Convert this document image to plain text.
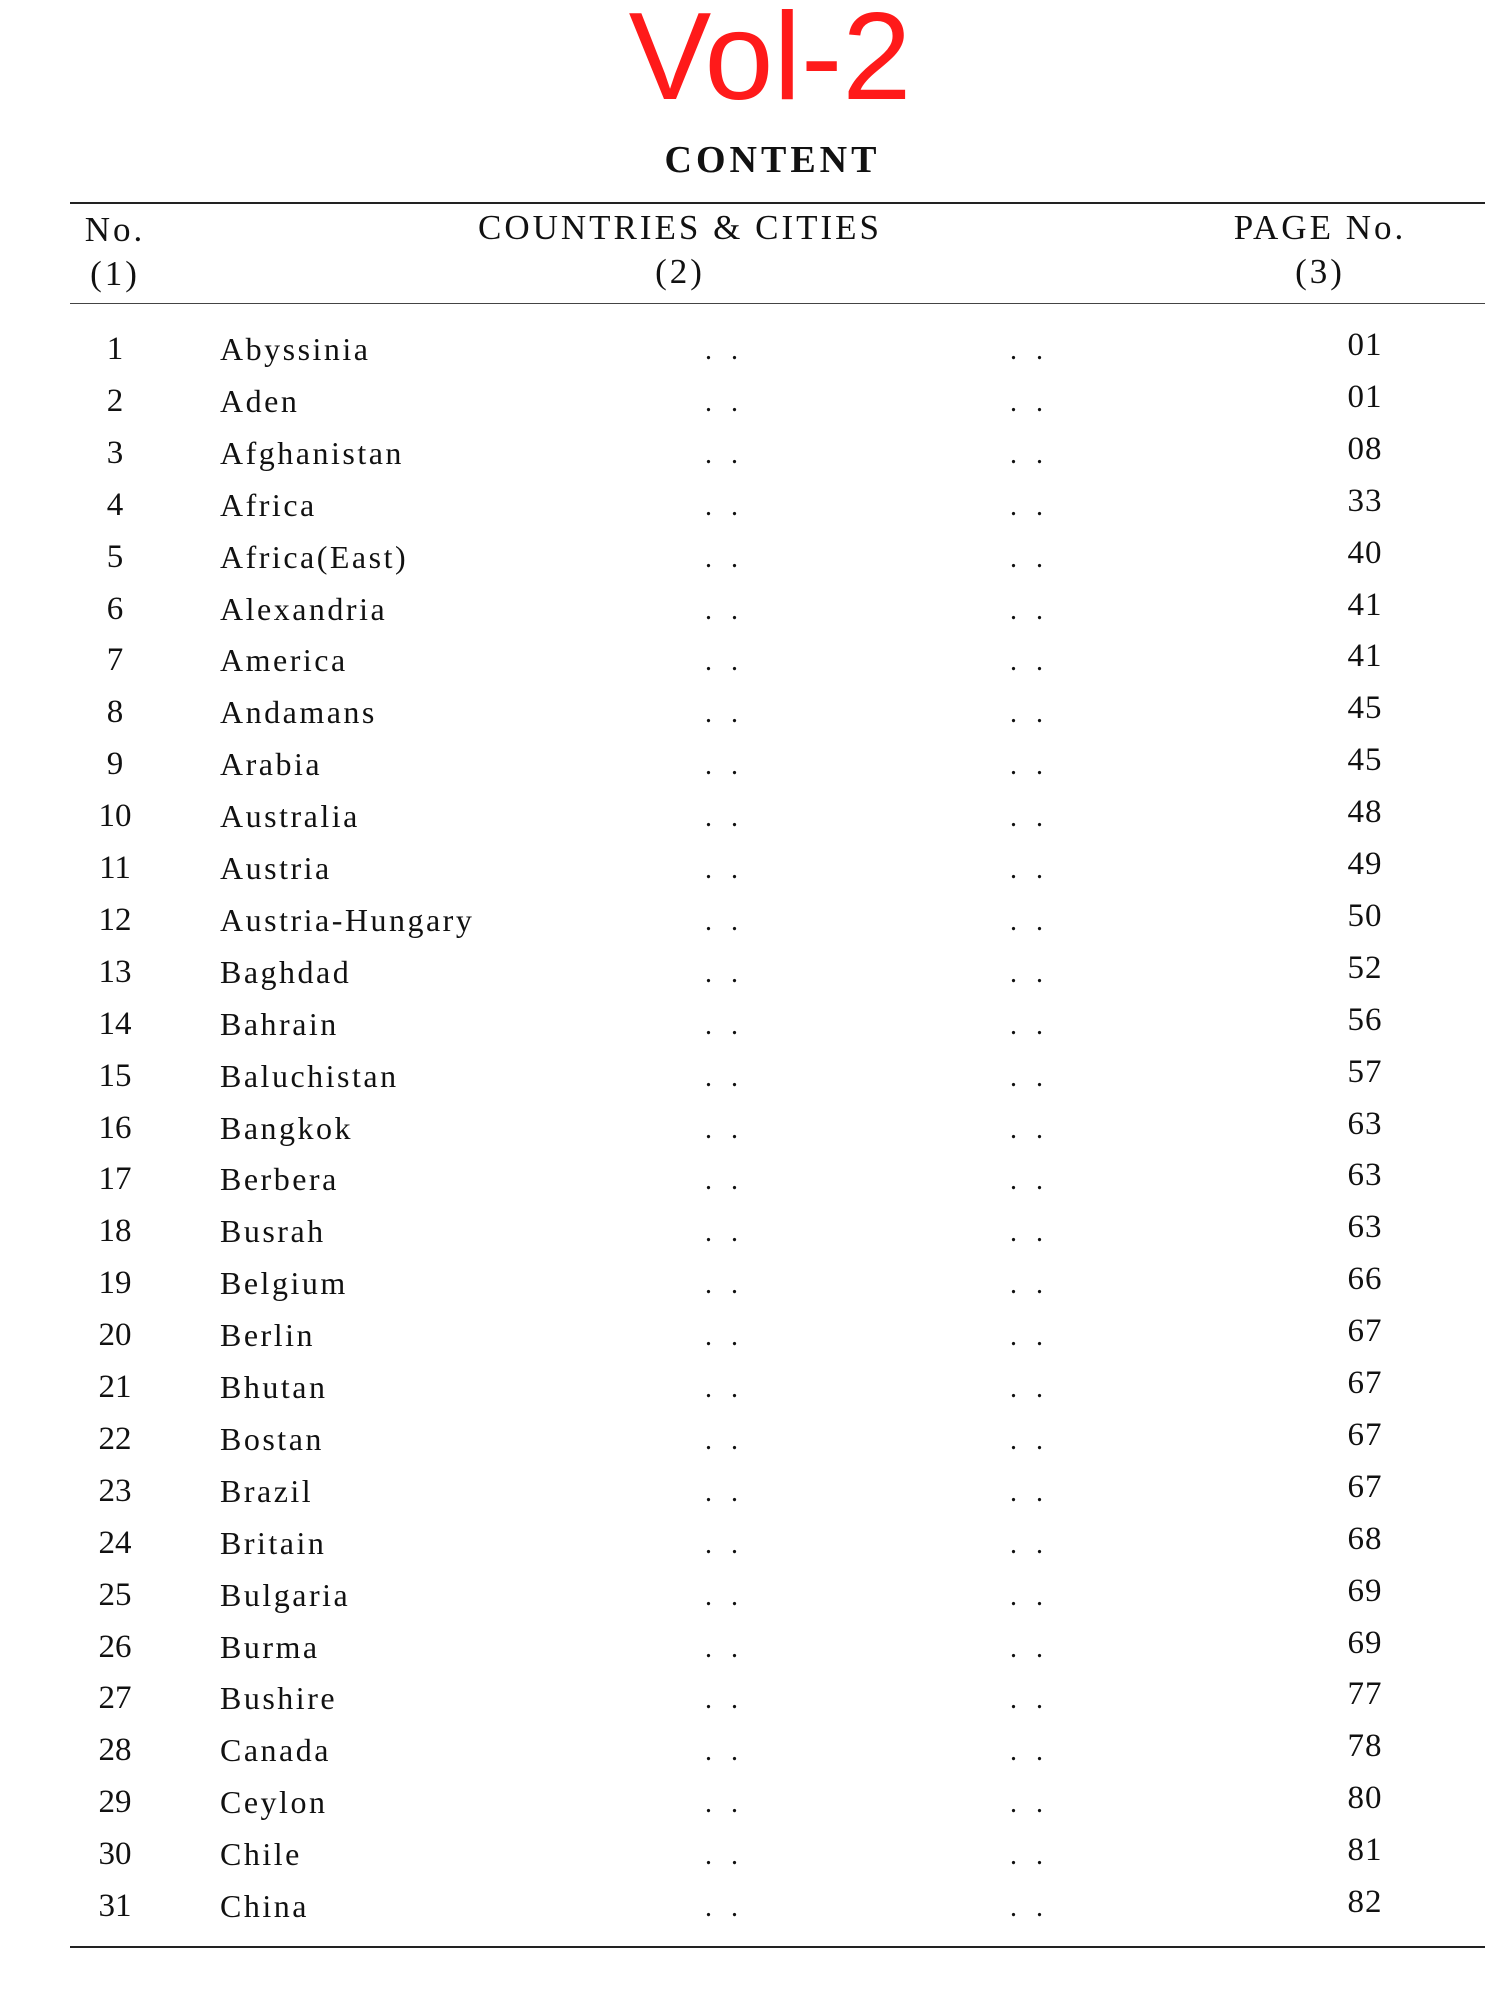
Vol-2
CONTENT
No.
(1)
COUNTRIES & CITIES
(2)
PAGE No.
(3)
1	Abyssinia	. .	. .	01
2	Aden	. .	. .	01
3	Afghanistan	. .	. .	08
4	Africa	. .	. .	33
5	Africa(East)	. .	. .	40
6	Alexandria	. .	. .	41
7	America	. .	. .	41
8	Andamans	. .	. .	45
9	Arabia	. .	. .	45
10	Australia	. .	. .	48
11	Austria	. .	. .	49
12	Austria-Hungary	. .	. .	50
13	Baghdad	. .	. .	52
14	Bahrain	. .	. .	56
15	Baluchistan	. .	. .	57
16	Bangkok	. .	. .	63
17	Berbera	. .	. .	63
18	Busrah	. .	. .	63
19	Belgium	. .	. .	66
20	Berlin	. .	. .	67
21	Bhutan	. .	. .	67
22	Bostan	. .	. .	67
23	Brazil	. .	. .	67
24	Britain	. .	. .	68
25	Bulgaria	. .	. .	69
26	Burma	. .	. .	69
27	Bushire	. .	. .	77
28	Canada	. .	. .	78
29	Ceylon	. .	. .	80
30	Chile	. .	. .	81
31	China	. .	. .	82
